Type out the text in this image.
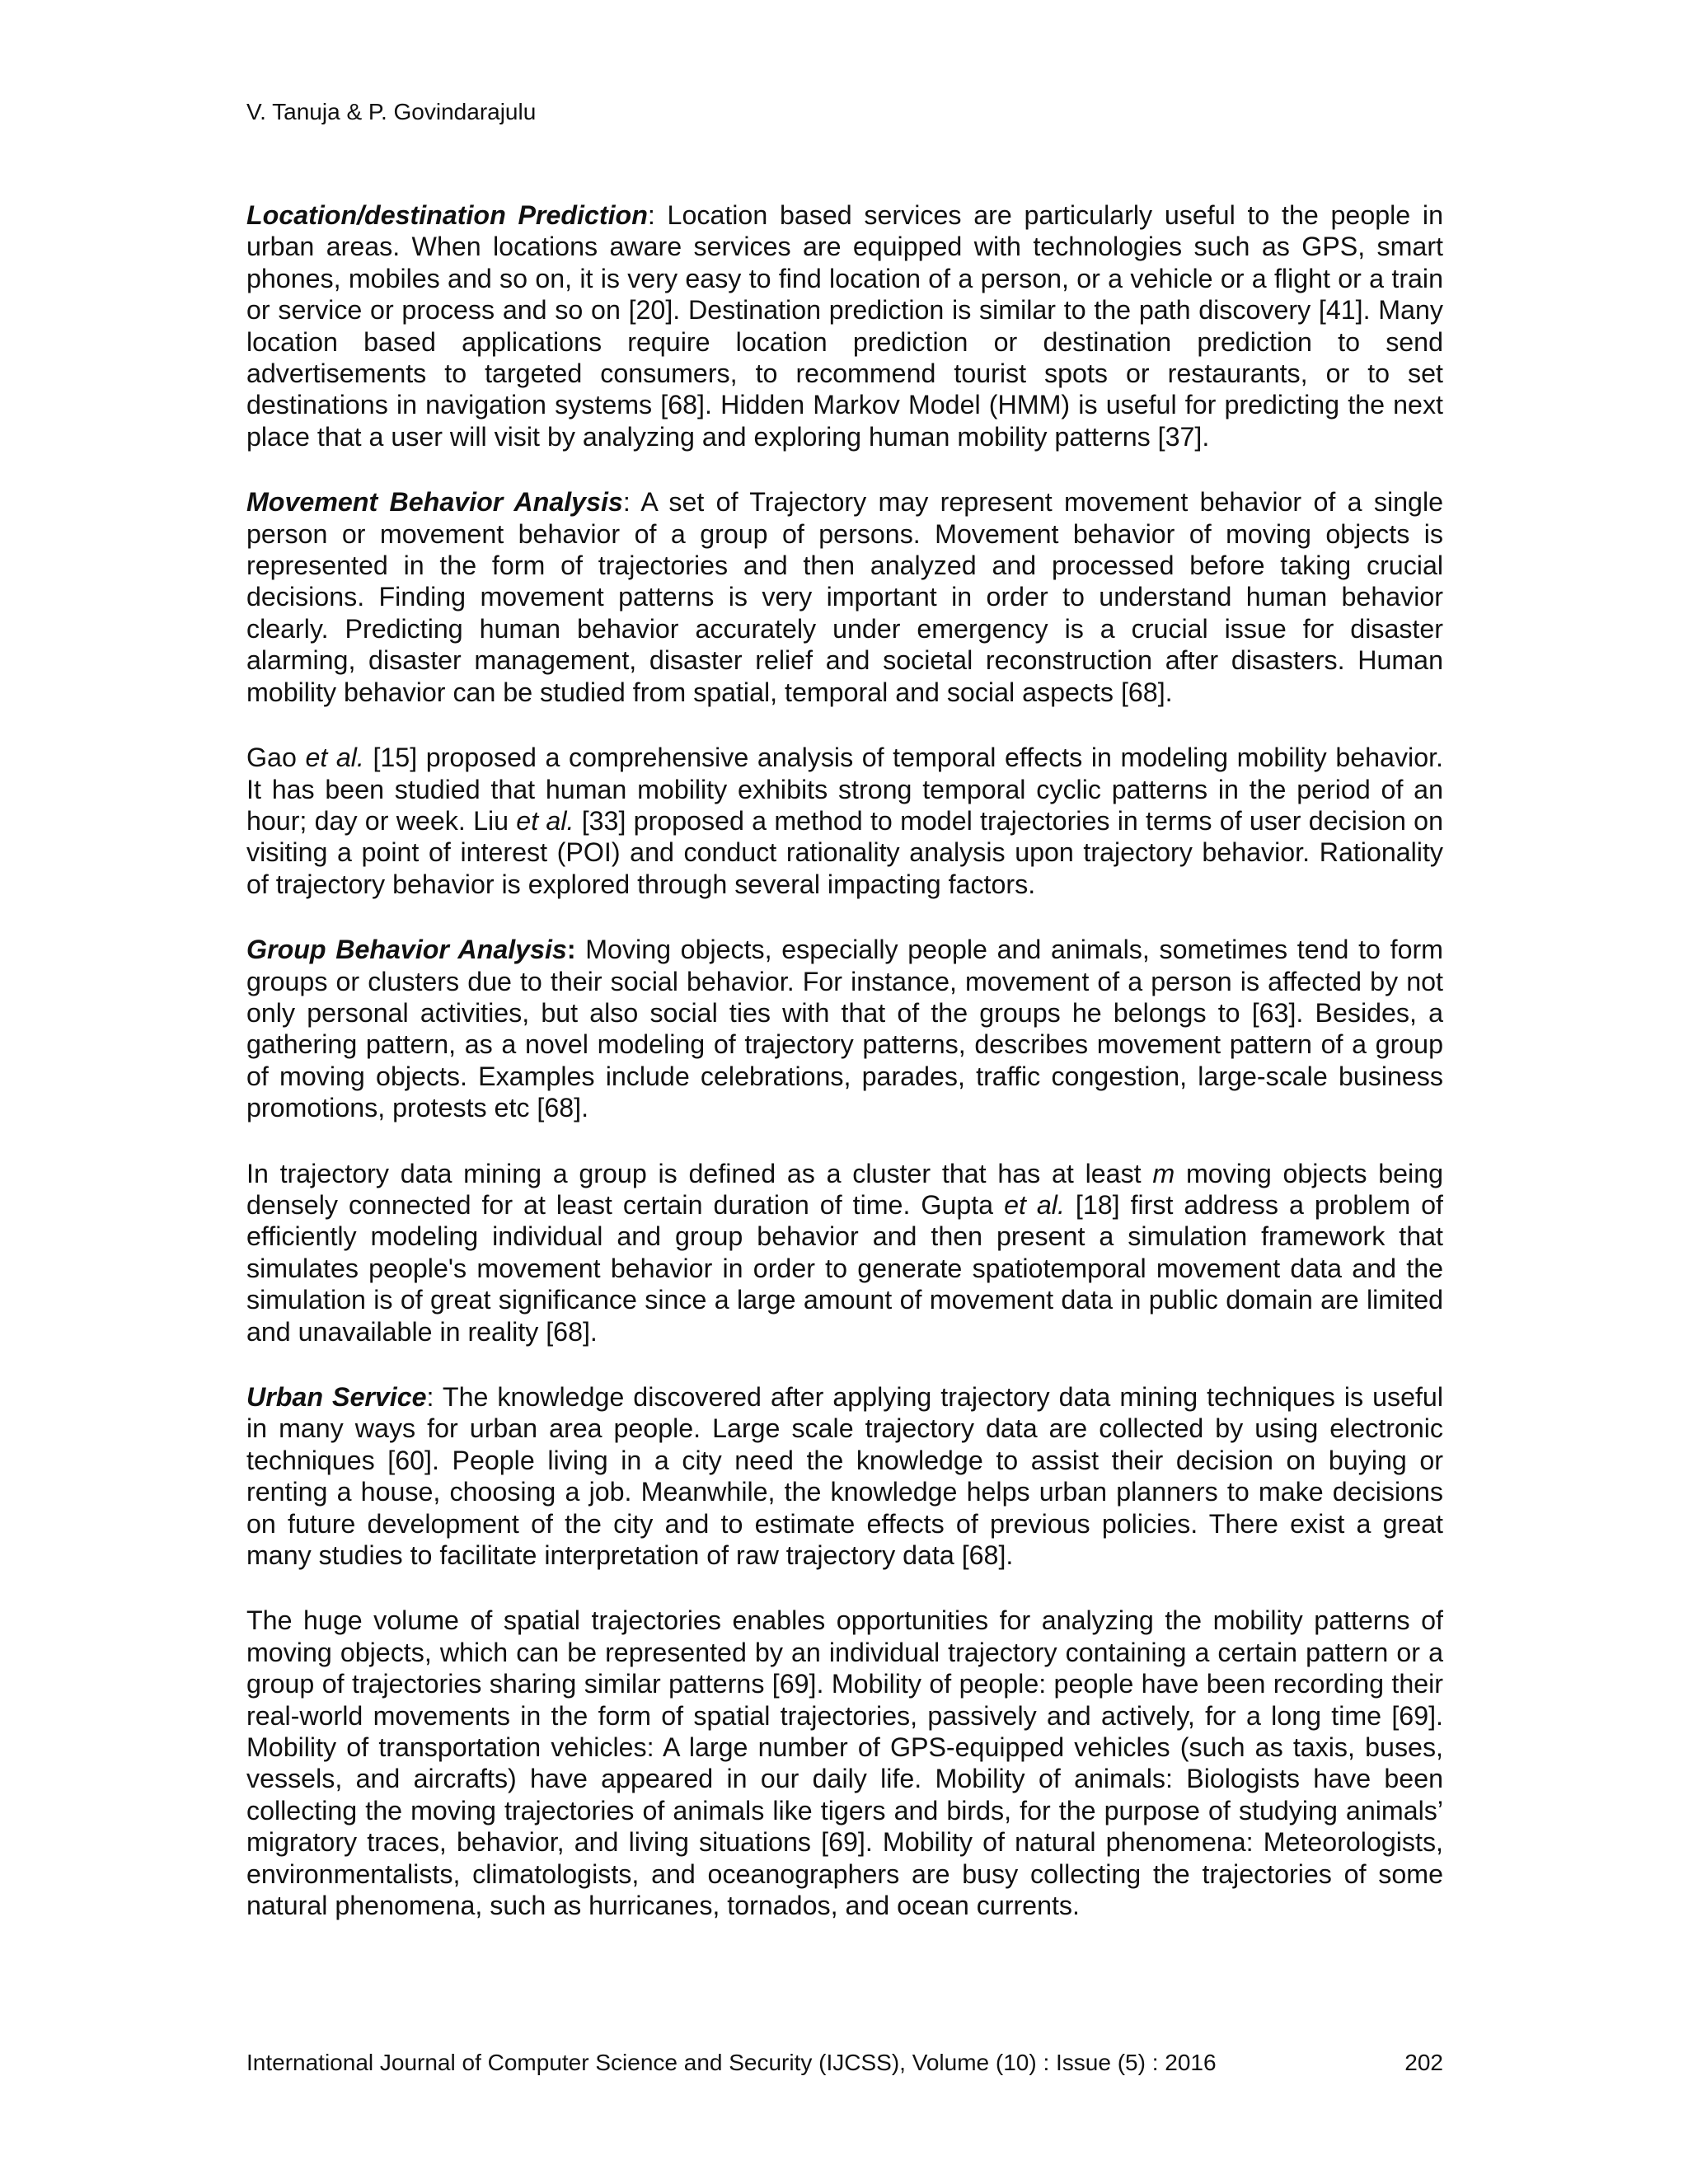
V. Tanuja & P. Govindarajulu

Location/destination Prediction: Location based services are particularly useful to the people in urban areas. When locations aware services are equipped with technologies such as GPS, smart phones, mobiles and so on, it is very easy to find location of a person, or a vehicle or a flight or a train or service or process and so on [20]. Destination prediction is similar to the path discovery [41]. Many location based applications require location prediction or destination prediction to send advertisements to targeted consumers, to recommend tourist spots or restaurants, or to set destinations in navigation systems [68]. Hidden Markov Model (HMM) is useful for predicting the next place that a user will visit by analyzing and exploring human mobility patterns [37].

Movement Behavior Analysis: A set of Trajectory may represent movement behavior of a single person or movement behavior of a group of persons. Movement behavior of moving objects is represented in the form of trajectories and then analyzed and processed before taking crucial decisions. Finding movement patterns is very important in order to understand human behavior clearly. Predicting human behavior accurately under emergency is a crucial issue for disaster alarming, disaster management, disaster relief and societal reconstruction after disasters. Human mobility behavior can be studied from spatial, temporal and social aspects [68].

Gao et al. [15] proposed a comprehensive analysis of temporal effects in modeling mobility behavior. It has been studied that human mobility exhibits strong temporal cyclic patterns in the period of an hour; day or week. Liu et al. [33] proposed a method to model trajectories in terms of user decision on visiting a point of interest (POI) and conduct rationality analysis upon trajectory behavior. Rationality of trajectory behavior is explored through several impacting factors.

Group Behavior Analysis: Moving objects, especially people and animals, sometimes tend to form groups or clusters due to their social behavior. For instance, movement of a person is affected by not only personal activities, but also social ties with that of the groups he belongs to [63]. Besides, a gathering pattern, as a novel modeling of trajectory patterns, describes movement pattern of a group of moving objects. Examples include celebrations, parades, traffic congestion, large-scale business promotions, protests etc [68].

In trajectory data mining a group is defined as a cluster that has at least m moving objects being densely connected for at least certain duration of time. Gupta et al. [18] first address a problem of efficiently modeling individual and group behavior and then present a simulation framework that simulates people's movement behavior in order to generate spatiotemporal movement data and the simulation is of great significance since a large amount of movement data in public domain are limited and unavailable in reality [68].

Urban Service: The knowledge discovered after applying trajectory data mining techniques is useful in many ways for urban area people. Large scale trajectory data are collected by using electronic techniques [60]. People living in a city need the knowledge to assist their decision on buying or renting a house, choosing a job. Meanwhile, the knowledge helps urban planners to make decisions on future development of the city and to estimate effects of previous policies. There exist a great many studies to facilitate interpretation of raw trajectory data [68].

The huge volume of spatial trajectories enables opportunities for analyzing the mobility patterns of moving objects, which can be represented by an individual trajectory containing a certain pattern or a group of trajectories sharing similar patterns [69]. Mobility of people: people have been recording their real-world movements in the form of spatial trajectories, passively and actively, for a long time [69]. Mobility of transportation vehicles: A large number of GPS-equipped vehicles (such as taxis, buses, vessels, and aircrafts) have appeared in our daily life. Mobility of animals: Biologists have been collecting the moving trajectories of animals like tigers and birds, for the purpose of studying animals’ migratory traces, behavior, and living situations [69]. Mobility of natural phenomena: Meteorologists, environmentalists, climatologists, and oceanographers are busy collecting the trajectories of some natural phenomena, such as hurricanes, tornados, and ocean currents.

International Journal of Computer Science and Security (IJCSS), Volume (10) : Issue (5) : 2016	202
